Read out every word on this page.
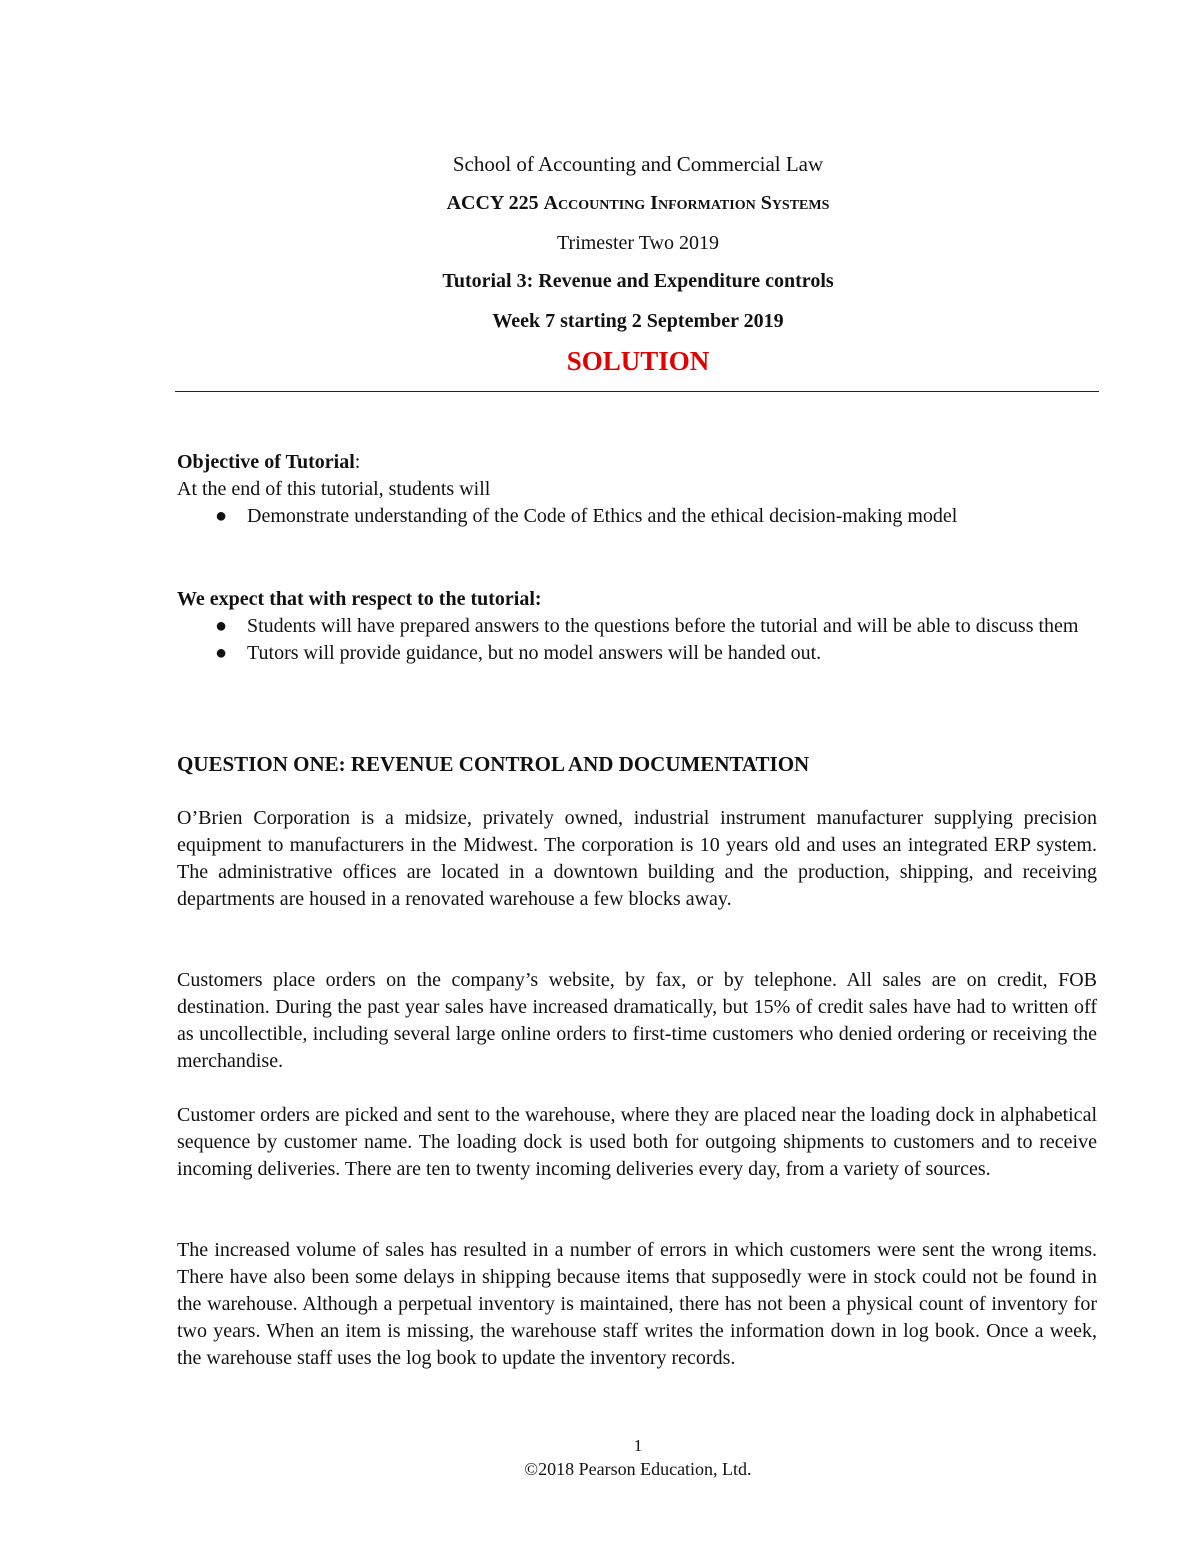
School of Accounting and Commercial Law
ACCY 225 Accounting Information Systems
Trimester Two 2019
Tutorial 3: Revenue and Expenditure controls
Week 7 starting 2 September 2019
SOLUTION
Objective of Tutorial:
At the end of this tutorial, students will
● Demonstrate understanding of the Code of Ethics and the ethical decision-making model
We expect that with respect to the tutorial:
● Students will have prepared answers to the questions before the tutorial and will be able to discuss them
● Tutors will provide guidance, but no model answers will be handed out.
QUESTION ONE: REVENUE CONTROL AND DOCUMENTATION

O’Brien Corporation is a midsize, privately owned, industrial instrument manufacturer supplying precision equipment to manufacturers in the Midwest. The corporation is 10 years old and uses an integrated ERP system. The administrative offices are located in a downtown building and the production, shipping, and receiving departments are housed in a renovated warehouse a few blocks away.

Customers place orders on the company’s website, by fax, or by telephone. All sales are on credit, FOB destination. During the past year sales have increased dramatically, but 15% of credit sales have had to written off as uncollectible, including several large online orders to first-time customers who denied ordering or receiving the merchandise.

Customer orders are picked and sent to the warehouse, where they are placed near the loading dock in alphabetical sequence by customer name. The loading dock is used both for outgoing shipments to customers and to receive incoming deliveries. There are ten to twenty incoming deliveries every day, from a variety of sources.

The increased volume of sales has resulted in a number of errors in which customers were sent the wrong items. There have also been some delays in shipping because items that supposedly were in stock could not be found in the warehouse. Although a perpetual inventory is maintained, there has not been a physical count of inventory for two years. When an item is missing, the warehouse staff writes the information down in log book. Once a week, the warehouse staff uses the log book to update the inventory records.

1
©2018 Pearson Education, Ltd.
